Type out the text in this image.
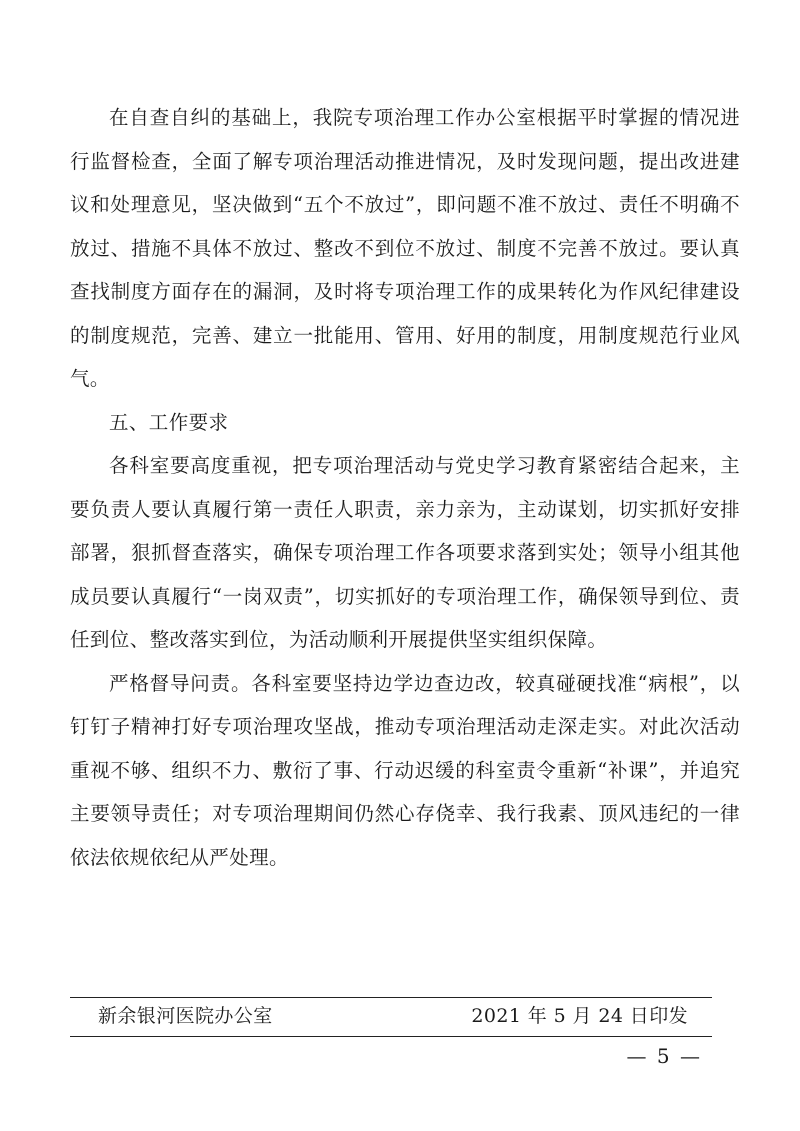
在自查自纠的基础上，我院专项治理工作办公室根据平时掌握的情况进行监督检查，全面了解专项治理活动推进情况，及时发现问题，提出改进建议和处理意见，坚决做到“五个不放过”，即问题不准不放过、责任不明确不放过、措施不具体不放过、整改不到位不放过、制度不完善不放过。要认真查找制度方面存在的漏洞，及时将专项治理工作的成果转化为作风纪律建设的制度规范，完善、建立一批能用、管用、好用的制度，用制度规范行业风气。

五、工作要求

各科室要高度重视，把专项治理活动与党史学习教育紧密结合起来，主要负责人要认真履行第一责任人职责，亲力亲为，主动谋划，切实抓好安排部署，狠抓督查落实，确保专项治理工作各项要求落到实处；领导小组其他成员要认真履行“一岗双责”，切实抓好的专项治理工作，确保领导到位、责任到位、整改落实到位，为活动顺利开展提供坚实组织保障。

严格督导问责。各科室要坚持边学边查边改，较真碰硬找准“病根”，以钉钉子精神打好专项治理攻坚战，推动专项治理活动走深走实。对此次活动重视不够、组织不力、敷衍了事、行动迟缓的科室责令重新“补课”，并追究主要领导责任；对专项治理期间仍然心存侥幸、我行我素、顶风违纪的一律依法依规依纪从严处理。

新余银河医院办公室	2021 年 5 月 24 日印发
— 5 —
